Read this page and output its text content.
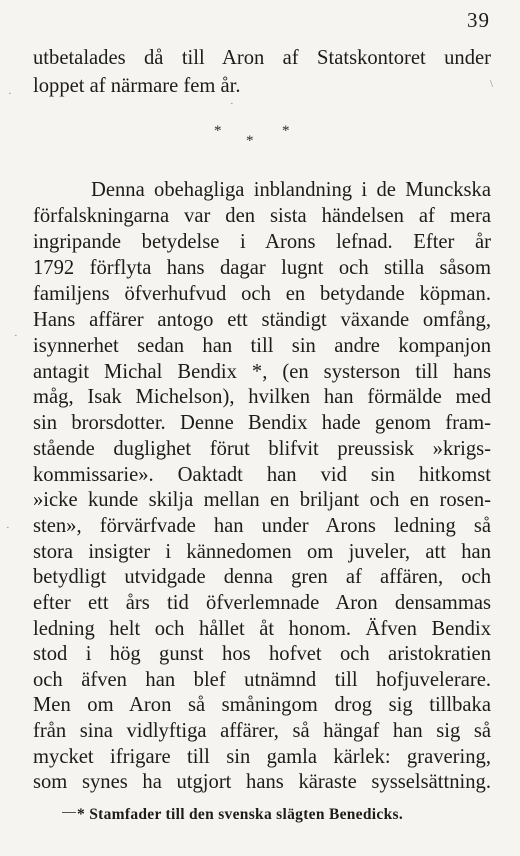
39
utbetalades då till Aron af Statskontoret under
loppet af närmare fem år.
*
*
*
Denna obehagliga inblandning i de Munckska
förfalskningarna var den sista händelsen af mera
ingripande betydelse i Arons lefnad. Efter år
1792 förflyta hans dagar lugnt och stilla såsom
familjens öfverhufvud och en betydande köpman.
Hans affärer antogo ett ständigt växande omfång,
isynnerhet sedan han till sin andre kompanjon
antagit Michal Bendix *, (en systerson till hans
måg, Isak Michelson), hvilken han förmälde med
sin brorsdotter. Denne Bendix hade genom fram-
stående duglighet förut blifvit preussisk »krigs-
kommissarie». Oaktadt han vid sin hitkomst
»icke kunde skilja mellan en briljant och en rosen-
sten», förvärfvade han under Arons ledning så
stora insigter i kännedomen om juveler, att han
betydligt utvidgade denna gren af affären, och
efter ett års tid öfverlemnade Aron densammas
ledning helt och hållet åt honom. Äfven Bendix
stod i hög gunst hos hofvet och aristokratien
och äfven han blef utnämnd till hofjuvelerare.
Men om Aron så småningom drog sig tillbaka
från sina vidlyftiga affärer, så hängaf han sig så
mycket ifrigare till sin gamla kärlek: gravering,
som synes ha utgjort hans käraste sysselsättning.
* Stamfader till den svenska slägten Benedicks.
·
·
·
\
·
